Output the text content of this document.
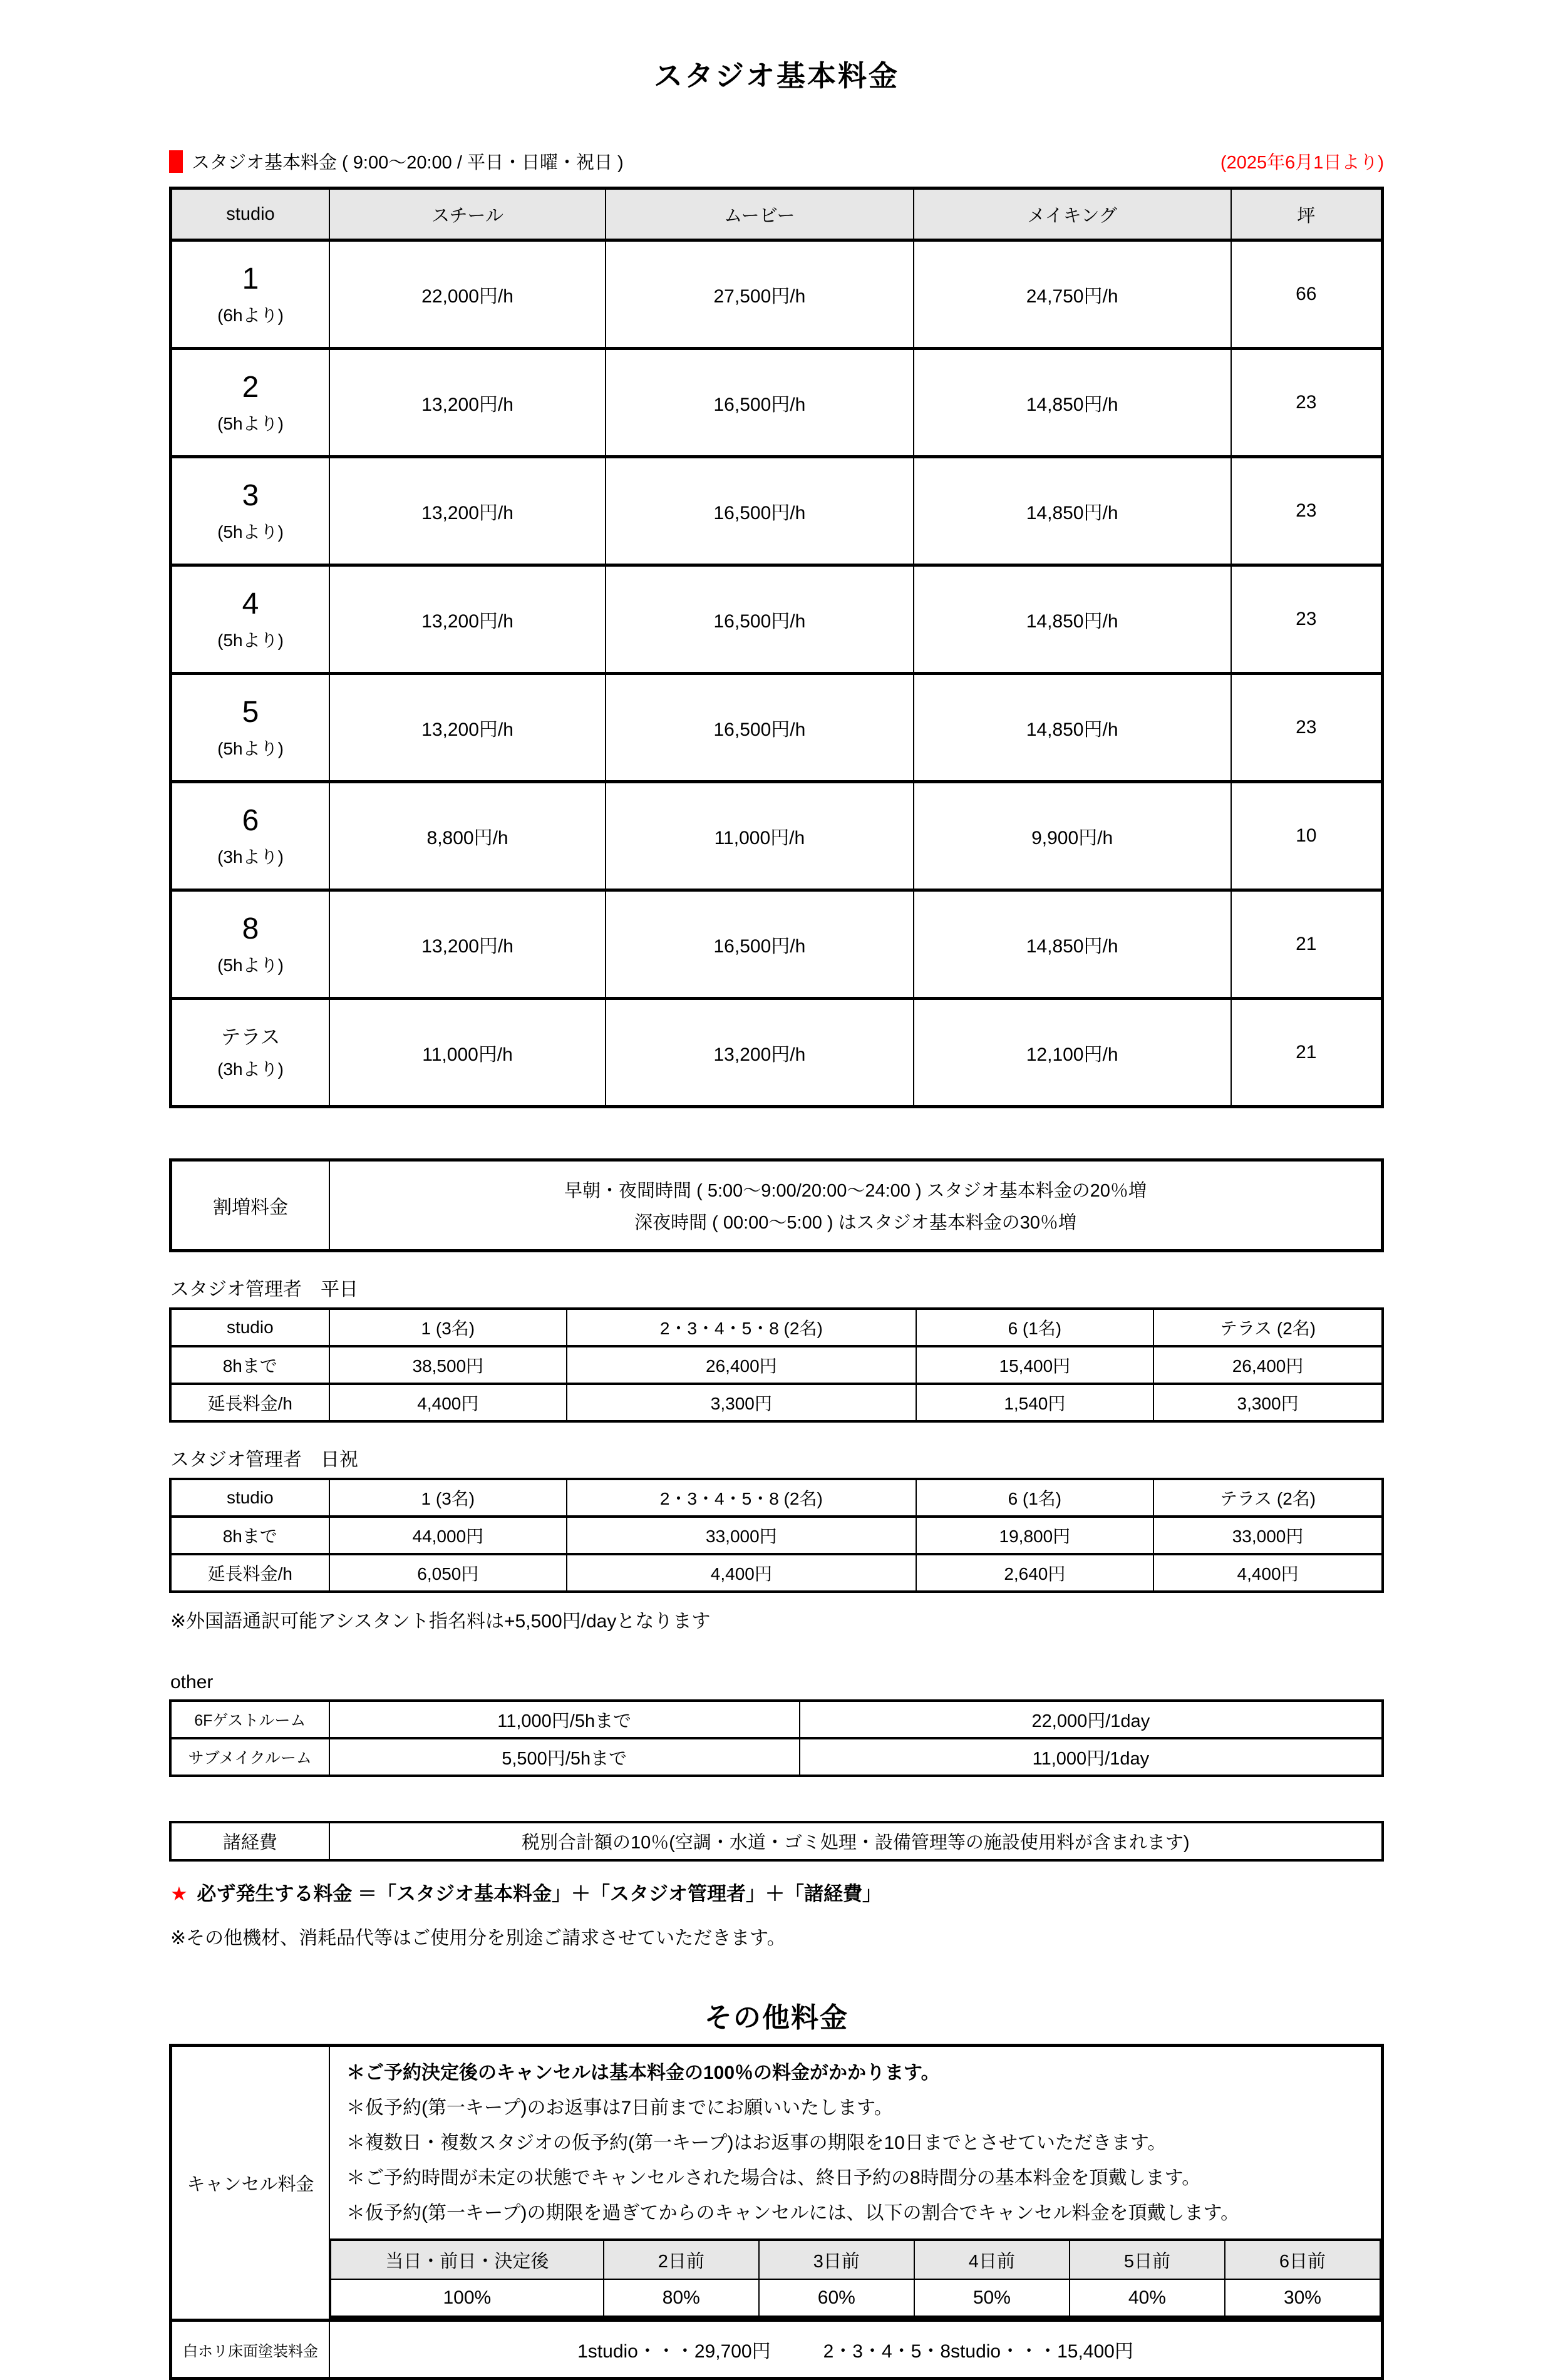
スタジオ基本料金
スタジオ基本料金 ( 9:00～20:00 / 平日・日曜・祝日 )	(2025年6月1日より)
studio	スチール	ムービー	メイキング	坪

1
(6hより)	22,000円/h	27,500円/h	24,750円/h	66

2
(5hより)	13,200円/h	16,500円/h	14,850円/h	23

3
(5hより)	13,200円/h	16,500円/h	14,850円/h	23

4
(5hより)	13,200円/h	16,500円/h	14,850円/h	23

5
(5hより)	13,200円/h	16,500円/h	14,850円/h	23

6
(3hより)	8,800円/h	11,000円/h	9,900円/h	10

8
(5hより)	13,200円/h	16,500円/h	14,850円/h	21

テラス
(3hより)	11,000円/h	13,200円/h	12,100円/h	21
割増料金	
早朝・夜間時間 ( 5:00～9:00/20:00～24:00 ) スタジオ基本料金の20％増
深夜時間 ( 00:00～5:00 ) はスタジオ基本料金の30％増
スタジオ管理者　平日
studio	1 (3名)	2・3・4・5・8 (2名)	6 (1名)	テラス (2名)
8hまで	38,500円	26,400円	15,400円	26,400円
延長料金/h	4,400円	3,300円	1,540円	3,300円
スタジオ管理者　日祝
studio	1 (3名)	2・3・4・5・8 (2名)	6 (1名)	テラス (2名)
8hまで	44,000円	33,000円	19,800円	33,000円
延長料金/h	6,050円	4,400円	2,640円	4,400円
※外国語通訳可能アシスタント指名料は+5,500円/dayとなります
other
6Fゲストルーム	11,000円/5hまで	22,000円/1day
サブメイクルーム	5,500円/5hまで	11,000円/1day
諸経費	税別合計額の10％(空調・水道・ゴミ処理・設備管理等の施設使用料が含まれます)
★ 必ず発生する料金 ＝「スタジオ基本料金」＋「スタジオ管理者」＋「諸経費」
※その他機材、消耗品代等はご使用分を別途ご請求させていただきます。
その他料金
キャンセル料金	
＊ご予約決定後のキャンセルは基本料金の100％の料金がかかります。
＊仮予約(第一キープ)のお返事は7日前までにお願いいたします。
＊複数日・複数スタジオの仮予約(第一キープ)はお返事の期限を10日までとさせていただきます。
＊ご予約時間が未定の状態でキャンセルされた場合は、終日予約の8時間分の基本料金を頂戴します。
＊仮予約(第一キープ)の期限を過ぎてからのキャンセルには、以下の割合でキャンセル料金を頂戴します。
当日・前日・決定後	2日前	3日前	4日前	5日前	6日前
100%	80%	60%	50%	40%	30%

白ホリ床面塗装料金	1studio・・・29,700円	2・3・4・5・8studio・・・15,400円
